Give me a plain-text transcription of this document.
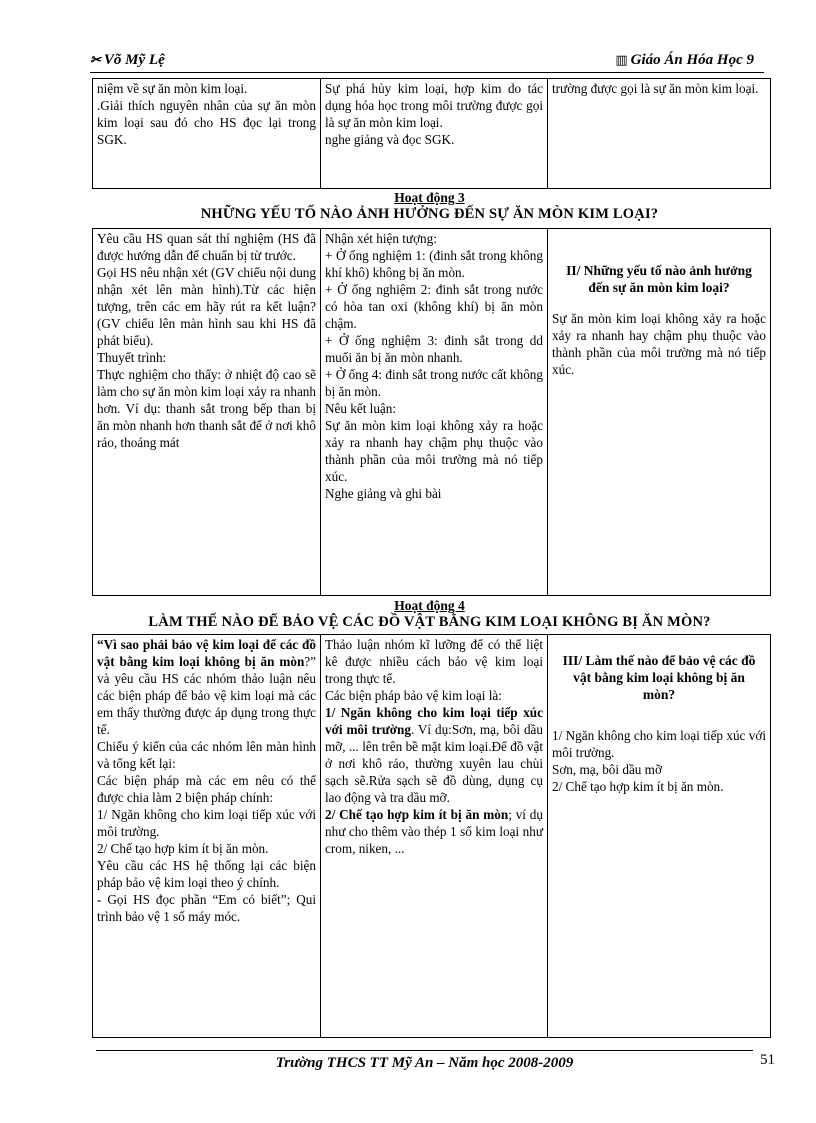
✂ Võ Mỹ Lệ	▥ Giáo Án Hóa Học 9
niệm về sự ăn mòn kim loại.
.Giải thích nguyên nhân của sự ăn mòn kim loại sau đó cho HS đọc lại trong SGK.

Sự phá hủy kim loại, hợp kim do tác dụng hóa học trong môi trường được gọi là sự ăn mòn kim loại.
nghe giảng và đọc SGK.

trường được gọi là sự ăn mòn kim loại.
Hoạt động 3
NHỮNG YẾU TỐ NÀO ẢNH HƯỞNG ĐẾN SỰ ĂN MÒN KIM LOẠI?
Yêu cầu HS quan sát thí nghiệm (HS đã được hướng dẫn để chuẩn bị từ trước.
Gọi HS nêu nhận xét (GV chiếu nội dung nhận xét lên màn hình).Từ các hiện tượng, trên các em hãy rút ra kết luận? (GV chiếu lên màn hình sau khi HS đã phát biểu).
Thuyết trình:
Thực nghiệm cho thấy: ở nhiệt độ cao sẽ làm cho sự ăn mòn kim loại xảy ra nhanh hơn. Ví dụ: thanh sắt trong bếp than bị ăn mòn nhanh hơn thanh sắt để ở nơi khô ráo, thoáng mát

Nhận xét hiện tượng:
+ Ở ống nghiệm 1: (đinh sắt trong không khí khô) không bị ăn mòn.
+ Ở ống nghiệm 2: đinh sắt trong nước có hòa tan oxi (không khí) bị ăn mòn chậm.
+ Ở ống nghiệm 3: đinh sắt trong dd muối ăn bị ăn mòn nhanh.
+ Ở ống 4: đinh sắt trong nước cất không bị ăn mòn.
Nêu kết luận:
Sự ăn mòn kim loại không xảy ra hoặc xảy ra nhanh hay chậm phụ thuộc vào thành phần của môi trường mà nó tiếp xúc.
Nghe giảng và ghi bài

II/ Những yếu tố nào ảnh hưởng đến sự ăn mòn kim loại?
Sự ăn mòn kim loại không xảy ra hoặc xảy ra nhanh hay chậm phụ thuộc vào thành phần của môi trường mà nó tiếp xúc.
Hoạt động 4
LÀM THẾ NÀO ĐỂ BẢO VỆ CÁC ĐỒ VẬT BẰNG KIM LOẠI KHÔNG BỊ ĂN MÒN?
“Vì sao phải bảo vệ kim loại để các đồ vật bằng kim loại không bị ăn mòn?” và yêu cầu HS các nhóm thảo luận nêu các biện pháp để bảo vệ kim loại mà các em thấy thường được áp dụng trong thực tế.
Chiếu ý kiến của các nhóm lên màn hình và tổng kết lại:
Các biện pháp mà các em nêu có thể được chia làm 2 biện pháp chính:
1/ Ngăn không cho kim loại tiếp xúc với môi trường.
2/ Chế tạo hợp kim ít bị ăn mòn.
Yêu cầu các HS hệ thống lại các biện pháp bảo vệ kim loại theo ý chính.
- Gọi HS đọc phần “Em có biết”; Qui trình bảo vệ 1 số máy móc.

Thảo luận nhóm kĩ lưỡng để có thể liệt kê được nhiều cách bảo vệ kim loại trong thực tế.
Các biện pháp bảo vệ kim loại là:
1/ Ngăn không cho kim loại tiếp xúc với môi trường. Ví dụ:Sơn, mạ, bôi dầu mỡ, ... lên trên bề mặt kim loại.Để đồ vật ở nơi khô ráo, thường xuyên lau chùi sạch sẽ.Rửa sạch sẽ đồ dùng, dụng cụ lao động và tra dầu mỡ.
2/ Chế tạo hợp kim ít bị ăn mòn; ví dụ như cho thêm vào thép 1 số kim loại như crom, niken, ...

III/ Làm thế nào để bảo vệ các đồ vật bằng kim loại không bị ăn mòn?
1/ Ngăn không cho kim loại tiếp xúc với môi trường.
Sơn, mạ, bôi dầu mỡ
2/ Chế tạo hợp kim ít bị ăn mòn.
Trường THCS TT Mỹ An – Năm học 2008-2009	51
